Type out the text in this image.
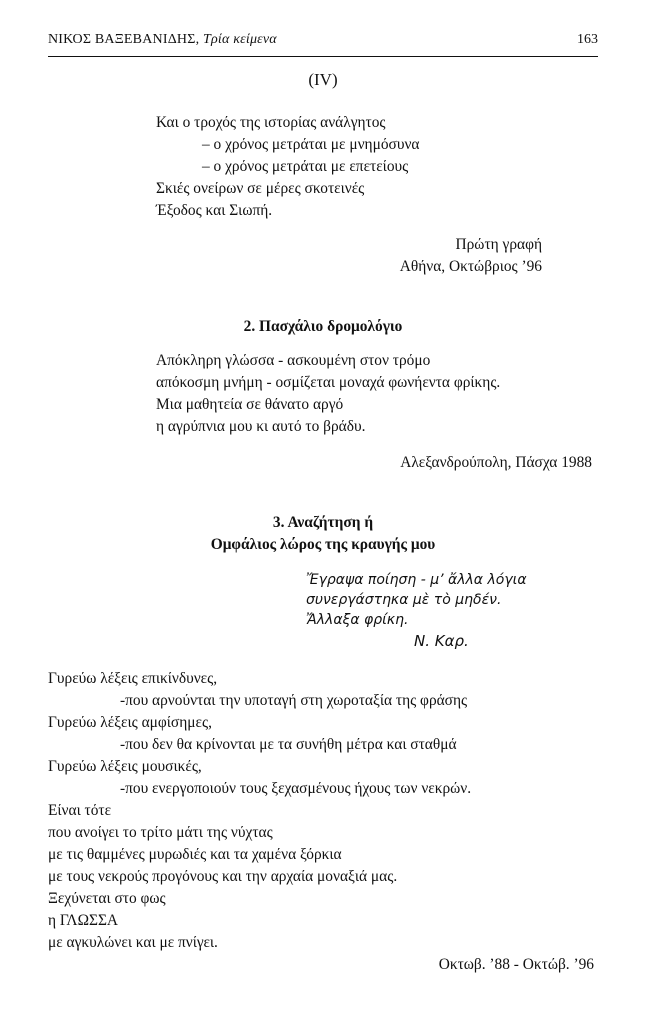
ΝΙΚΟΣ ΒΑΞΕΒΑΝΙΔΗΣ, Τρία κείμενα	163
(IV)
Και ο τροχός της ιστορίας ανάλγητος
– ο χρόνος μετράται με μνημόσυνα
– ο χρόνος μετράται με επετείους
Σκιές ονείρων σε μέρες σκοτεινές
Έξοδος και Σιωπή.
Πρώτη γραφή
Αθήνα, Οκτώβριος ’96
2. Πασχάλιο δρομολόγιο
Απόκληρη γλώσσα - ασκουμένη στον τρόμο
απόκοσμη μνήμη - οσμίζεται μοναχά φωνήεντα φρίκης.
Μια μαθητεία σε θάνατο αργό
η αγρύπνια μου κι αυτό το βράδυ.
Αλεξανδρούπολη, Πάσχα 1988
3. Αναζήτηση ή
Ομφάλιος λώρος της κραυγής μου
Ἔγραψα ποίηση - μ’ ἄλλα λόγια
συνεργάστηκα μὲ τὸ μηδέν.
Ἄλλαξα φρίκη.
Ν. Καρ.
Γυρεύω λέξεις επικίνδυνες,
-που αρνούνται την υποταγή στη χωροταξία της φράσης
Γυρεύω λέξεις αμφίσημες,
-που δεν θα κρίνονται με τα συνήθη μέτρα και σταθμά
Γυρεύω λέξεις μουσικές,
-που ενεργοποιούν τους ξεχασμένους ήχους των νεκρών.
Είναι τότε
που ανοίγει το τρίτο μάτι της νύχτας
με τις θαμμένες μυρωδιές και τα χαμένα ξόρκια
με τους νεκρούς προγόνους και την αρχαία μοναξιά μας.
Ξεχύνεται στο φως
η ΓΛΩΣΣΑ
με αγκυλώνει και με πνίγει.
Οκτωβ. ’88 - Οκτώβ. ’96
